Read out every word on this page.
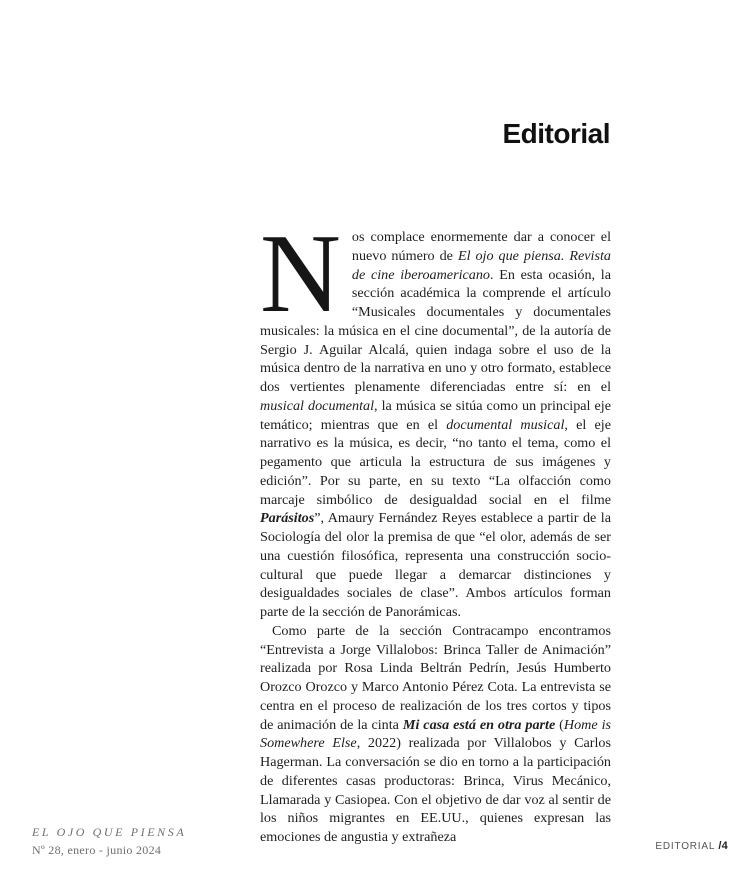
Editorial

Nos complace enormemente dar a conocer el nuevo número de El ojo que piensa. Revista de cine iberoamericano. En esta ocasión, la sección académica la comprende el artículo “Musicales documentales y documentales musicales: la música en el cine documental”, de la autoría de Sergio J. Aguilar Alcalá, quien indaga sobre el uso de la música dentro de la narrativa en uno y otro formato, establece dos vertientes plenamente diferenciadas entre sí: en el musical documental, la música se sitúa como un principal eje temático; mientras que en el documental musical, el eje narrativo es la música, es decir, “no tanto el tema, como el pegamento que articula la estructura de sus imágenes y edición”. Por su parte, en su texto “La olfacción como marcaje simbólico de desigualdad social en el filme Parásitos”, Amaury Fernández Reyes establece a partir de la Sociología del olor la premisa de que “el olor, además de ser una cuestión filosófica, representa una construcción socio-cultural que puede llegar a demarcar distinciones y desigualdades sociales de clase”. Ambos artículos forman parte de la sección de Panorámicas.

Como parte de la sección Contracampo encontramos “Entrevista a Jorge Villalobos: Brinca Taller de Animación” realizada por Rosa Linda Beltrán Pedrín, Jesús Humberto Orozco Orozco y Marco Antonio Pérez Cota. La entrevista se centra en el proceso de realización de los tres cortos y tipos de animación de la cinta Mi casa está en otra parte (Home is Somewhere Else, 2022) realizada por Villalobos y Carlos Hagerman. La conversación se dio en torno a la participación de diferentes casas productoras: Brinca, Virus Mecánico, Llamarada y Casiopea. Con el objetivo de dar voz al sentir de los niños migrantes en EE.UU., quienes expresan las emociones de angustia y extrañeza

EL OJO QUE PIENSA
Nº 28, enero - junio 2024	EDITORIAL /4
